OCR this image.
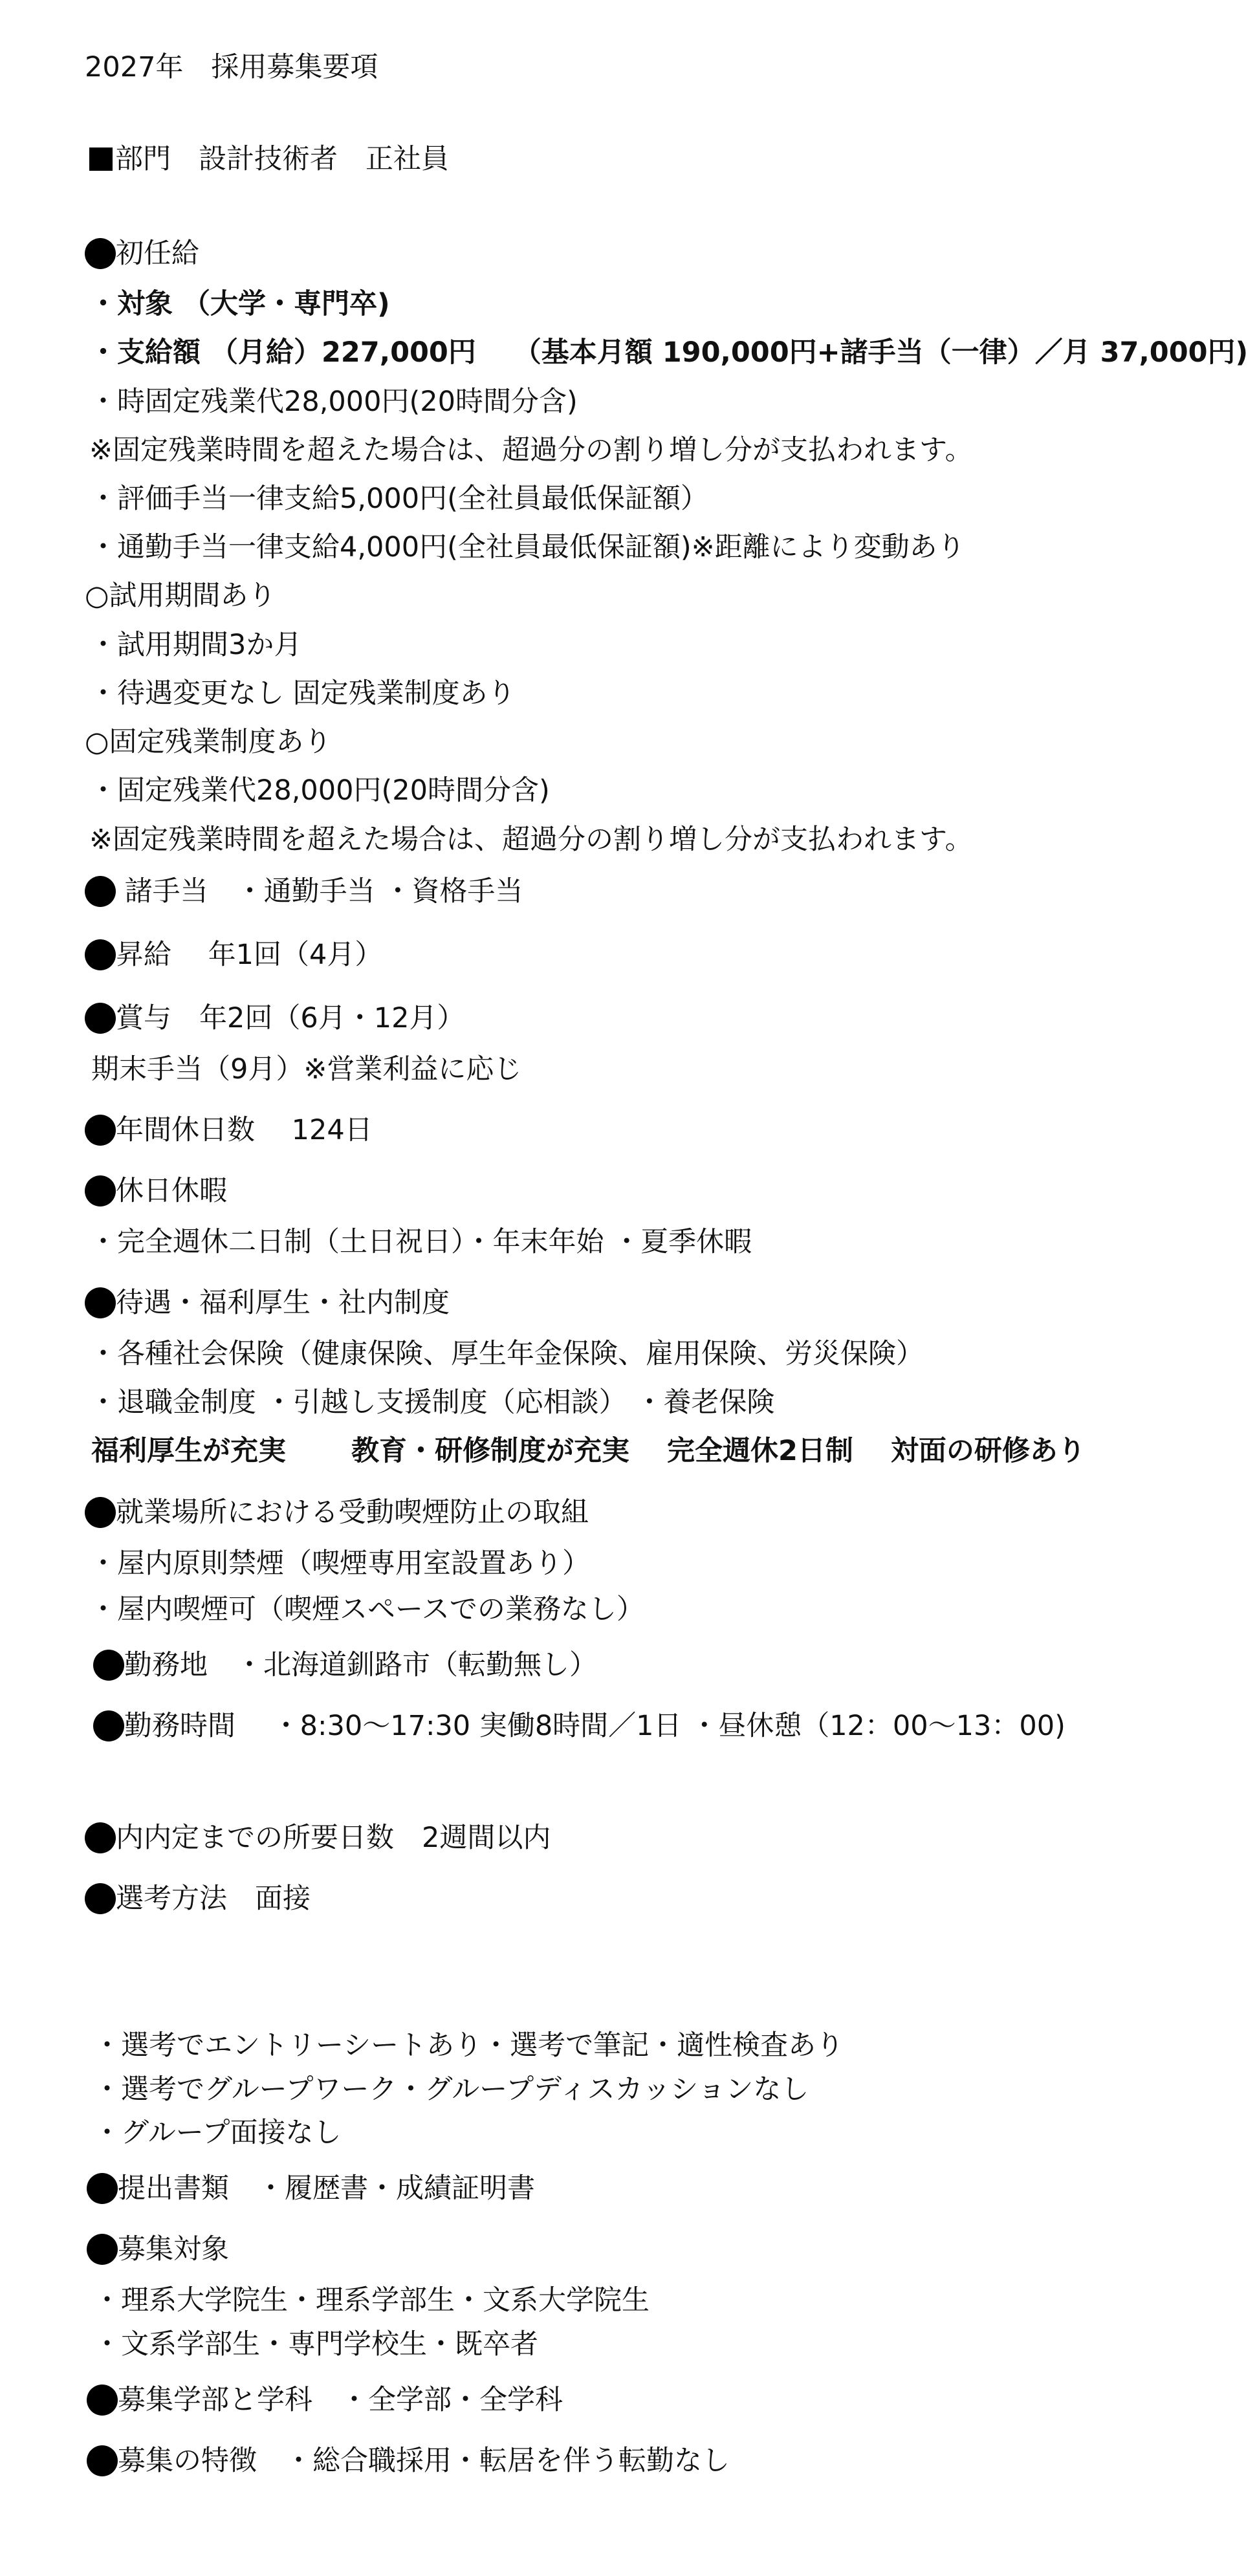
2027年　採用募集要項
部門　設計技術者　正社員
初任給
・対象 （大学・専門卒)
・支給額 （月給）227,000円　 （基本月額 190,000円+諸手当（一律）／月 37,000円)
・時固定残業代28,000円(20時間分含)
※固定残業時間を超えた場合は、超過分の割り増し分が支払われます。
・評価手当一律支給5,000円(全社員最低保証額）
・通勤手当一律支給4,000円(全社員最低保証額)※距離により変動あり
○試用期間あり
・試用期間3か月
・待遇変更なし 固定残業制度あり
○固定残業制度あり
・固定残業代28,000円(20時間分含)
※固定残業時間を超えた場合は、超過分の割り増し分が支払われます。
諸手当　・通勤手当 ・資格手当
昇給　 年1回（4月）
賞与　年2回（6月・12月）
期末手当（9月）※営業利益に応じ
年間休日数　 124日
休日休暇
・完全週休二日制（土日祝日）・年末年始 ・夏季休暇
待遇・福利厚生・社内制度
・各種社会保険（健康保険、厚生年金保険、雇用保険、労災保険）
・退職金制度 ・引越し支援制度（応相談） ・養老保険
福利厚生が充実　　 教育・研修制度が充実　 完全週休2日制　 対面の研修あり
就業場所における受動喫煙防止の取組
・屋内原則禁煙（喫煙専用室設置あり）
・屋内喫煙可（喫煙スペースでの業務なし）
勤務地　・北海道釧路市（転勤無し）
勤務時間　 ・8:30〜17:30 実働8時間／1日 ・昼休憩（12：00〜13：00)
内内定までの所要日数　2週間以内
選考方法　面接
・選考でエントリーシートあり・選考で筆記・適性検査あり
・選考でグループワーク・グループディスカッションなし
・グループ面接なし
提出書類　・履歴書・成績証明書
募集対象
・理系大学院生・理系学部生・文系大学院生
・文系学部生・専門学校生・既卒者
募集学部と学科　・全学部・全学科
募集の特徴　・総合職採用・転居を伴う転勤なし
